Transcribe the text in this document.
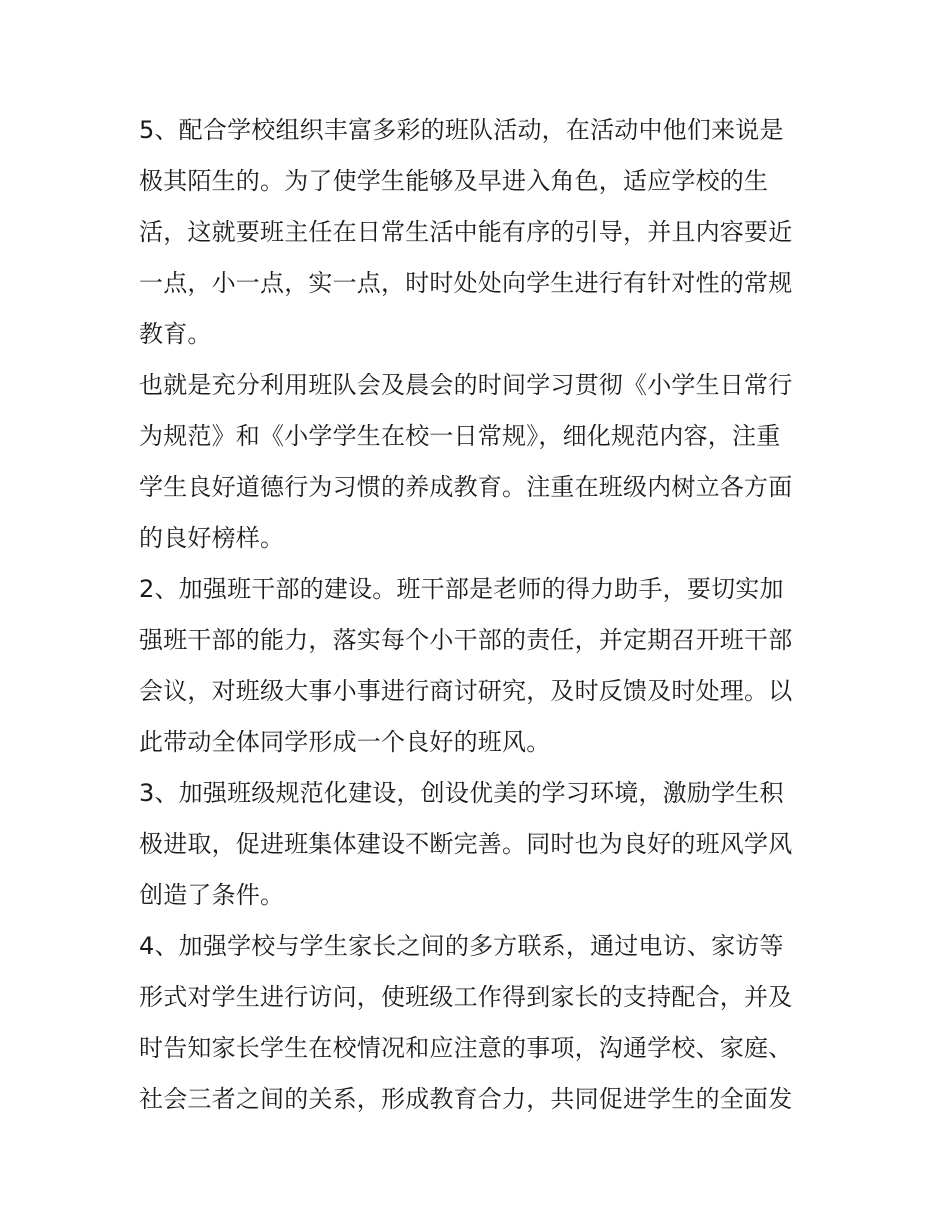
5、配合学校组织丰富多彩的班队活动，在活动中他们来说是
极其陌生的。为了使学生能够及早进入角色，适应学校的生
活，这就要班主任在日常生活中能有序的引导，并且内容要近
一点，小一点，实一点，时时处处向学生进行有针对性的常规
教育。
也就是充分利用班队会及晨会的时间学习贯彻《小学生日常行
为规范》和《小学学生在校一日常规》，细化规范内容，注重
学生良好道德行为习惯的养成教育。注重在班级内树立各方面
的良好榜样。
2、加强班干部的建设。班干部是老师的得力助手，要切实加
强班干部的能力，落实每个小干部的责任，并定期召开班干部
会议，对班级大事小事进行商讨研究，及时反馈及时处理。以
此带动全体同学形成一个良好的班风。
3、加强班级规范化建设，创设优美的学习环境，激励学生积
极进取，促进班集体建设不断完善。同时也为良好的班风学风
创造了条件。
4、加强学校与学生家长之间的多方联系，通过电访、家访等
形式对学生进行访问，使班级工作得到家长的支持配合，并及
时告知家长学生在校情况和应注意的事项，沟通学校、家庭、
社会三者之间的关系，形成教育合力，共同促进学生的全面发
